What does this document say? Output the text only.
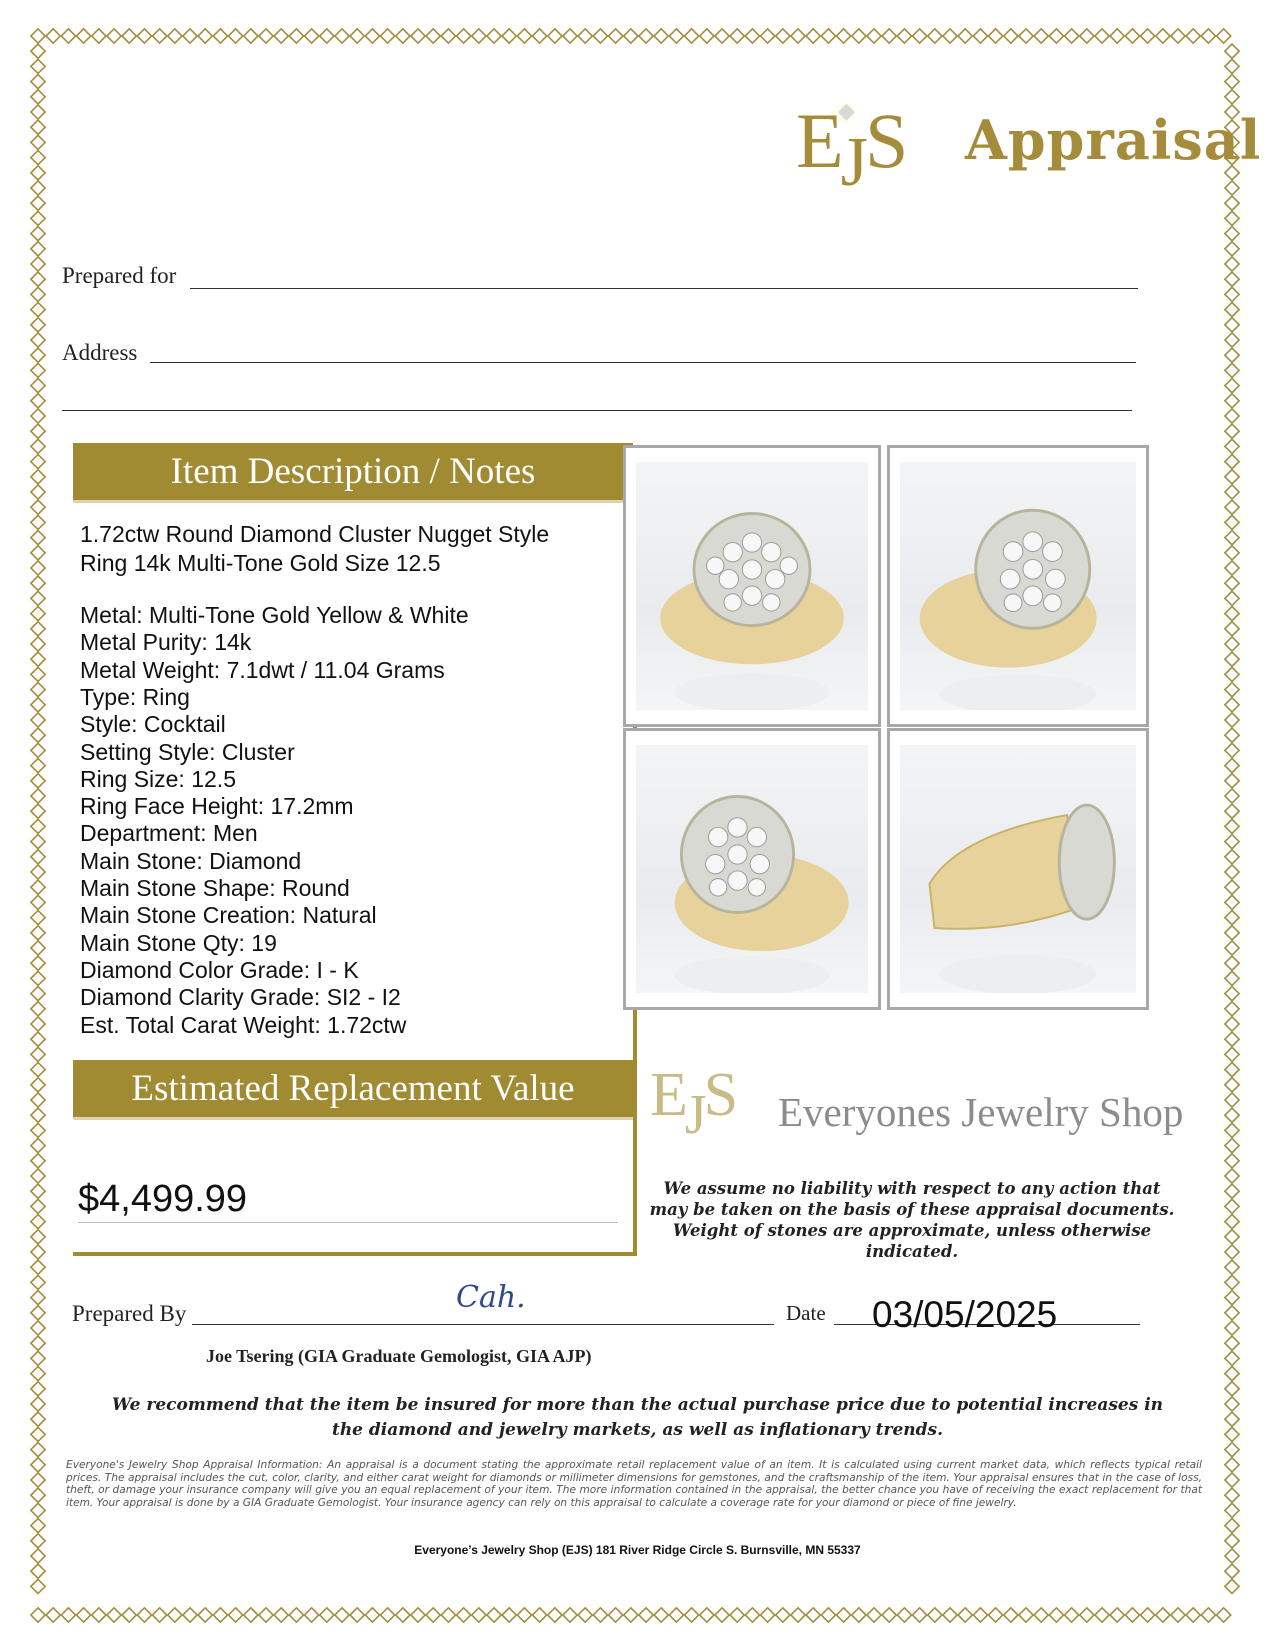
EJS
◆ Appraisal
Prepared for
Address
Item Description / Notes
1.72ctw Round Diamond Cluster Nugget Style
Ring 14k Multi-Tone Gold Size 12.5
Metal: Multi-Tone Gold Yellow & White
Metal Purity: 14k
Metal Weight: 7.1dwt / 11.04 Grams
Type: Ring
Style: Cocktail
Setting Style: Cluster
Ring Size: 12.5
Ring Face Height: 17.2mm
Department: Men
Main Stone: Diamond
Main Stone Shape: Round
Main Stone Creation: Natural
Main Stone Qty: 19
Diamond Color Grade: I - K
Diamond Clarity Grade: SI2 - I2
Est. Total Carat Weight: 1.72ctw
Estimated Replacement Value
$4,499.99
EJS Everyones Jewelry Shop
We assume no liability with respect to any action that may be taken on the basis of these appraisal documents. Weight of stones are approximate, unless otherwise indicated.
Prepared By	Cah.	Date 03/05/2025
Joe Tsering (GIA Graduate Gemologist, GIA AJP)
We recommend that the item be insured for more than the actual purchase price due to potential increases in the diamond and jewelry markets, as well as inflationary trends.
Everyone's Jewelry Shop Appraisal Information: An appraisal is a document stating the approximate retail replacement value of an item. It is calculated using current market data, which reflects typical retail prices. The appraisal includes the cut, color, clarity, and either carat weight for diamonds or millimeter dimensions for gemstones, and the craftsmanship of the item. Your appraisal ensures that in the case of loss, theft, or damage your insurance company will give you an equal replacement of your item. The more information contained in the appraisal, the better chance you have of receiving the exact replacement for that item. Your appraisal is done by a GIA Graduate Gemologist. Your insurance agency can rely on this appraisal to calculate a coverage rate for your diamond or piece of fine jewelry.
Everyone’s Jewelry Shop (EJS) 181 River Ridge Circle S. Burnsville, MN 55337
